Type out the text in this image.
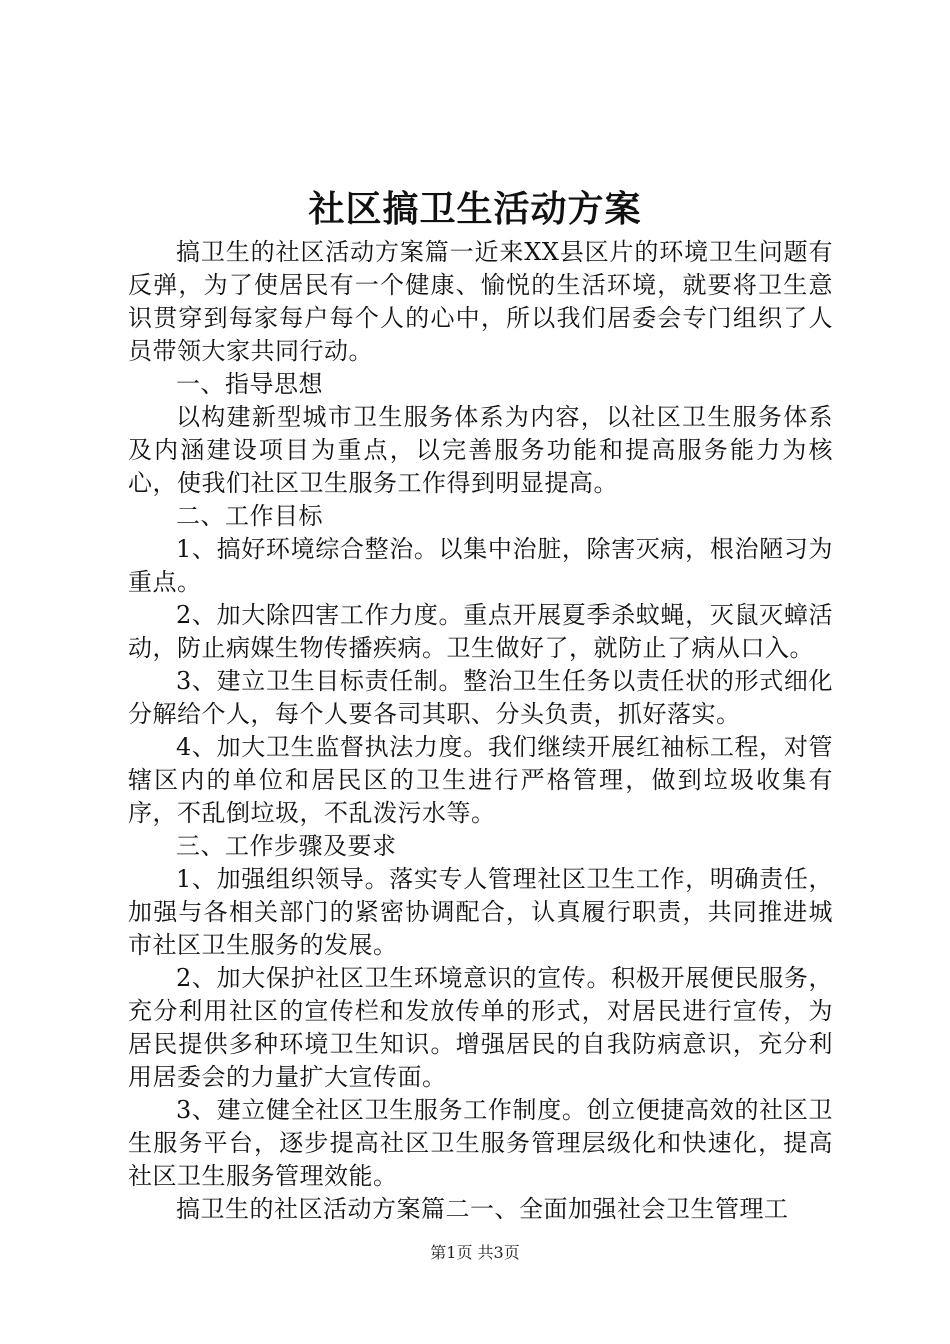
社区搞卫生活动方案

搞卫生的社区活动方案篇一近来XX县区片的环境卫生问题有反弹，为了使居民有一个健康、愉悦的生活环境，就要将卫生意识贯穿到每家每户每个人的心中，所以我们居委会专门组织了人员带领大家共同行动。

一、指导思想

以构建新型城市卫生服务体系为内容，以社区卫生服务体系及内涵建设项目为重点，以完善服务功能和提高服务能力为核心，使我们社区卫生服务工作得到明显提高。

二、工作目标

1、搞好环境综合整治。以集中治脏，除害灭病，根治陋习为重点。

2、加大除四害工作力度。重点开展夏季杀蚊蝇，灭鼠灭蟑活动，防止病媒生物传播疾病。卫生做好了，就防止了病从口入。

3、建立卫生目标责任制。整治卫生任务以责任状的形式细化分解给个人，每个人要各司其职、分头负责，抓好落实。

4、加大卫生监督执法力度。我们继续开展红袖标工程，对管辖区内的单位和居民区的卫生进行严格管理，做到垃圾收集有序，不乱倒垃圾，不乱泼污水等。

三、工作步骤及要求

1、加强组织领导。落实专人管理社区卫生工作，明确责任，加强与各相关部门的紧密协调配合，认真履行职责，共同推进城市社区卫生服务的发展。

2、加大保护社区卫生环境意识的宣传。积极开展便民服务，充分利用社区的宣传栏和发放传单的形式，对居民进行宣传，为居民提供多种环境卫生知识。增强居民的自我防病意识，充分利用居委会的力量扩大宣传面。

3、建立健全社区卫生服务工作制度。创立便捷高效的社区卫生服务平台，逐步提高社区卫生服务管理层级化和快速化，提高社区卫生服务管理效能。

搞卫生的社区活动方案篇二一、全面加强社会卫生管理工

第1页 共3页
